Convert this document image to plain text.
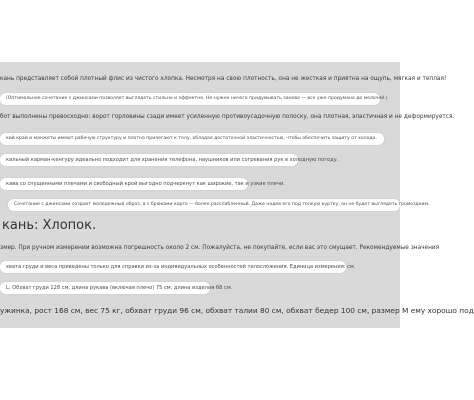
кань представляет собой плотный флис из чистого хлопка. Несмотря на свою плотность, она не жесткая и приятна на ощупь, мягкая и теплая!
(Оптимальное сочетание с джинсами позволяет выглядеть стильно и эффектно. Не нужно ничего придумывать заново — все уже продумано до мелочей.)
бот выполнены превосходно: ворот горловины сзади имеет усиленную противоусадочную полоску, она плотная, эластичная и не деформируется.
кий край и манжеты имеют рабочую структуру и плотно прилегают к телу, обладая достаточной эластичностью, чтобы обеспечить защиту от холода.
кальный карман-кенгуру идеально подходит для хранения телефона, наушников или согревания рук в холодную погоду.
кава со спущенными плечами и свободный крой выгодно подчеркнут как широкие, так и узкие плечи.
Сочетание с джинсами создает молодежный образ, а с брюками карго — более расслабленный. Даже надев его под тонкую куртку, он не будет выглядеть громоздким.
кань: Хлопок.
змер. При ручном измерении возможна погрешность около 2 см. Пожалуйста, не покупайте, если вас это смущает. Рекомендуемые значения
хвата груди и веса приведены только для справки из-за индивидуальных особенностей телосложения. Единица измерения: см.
L: Обхват груди 128 см, длина рукава (включая плечо) 75 см, длина изделия 68 см.
ужинка, рост 168 см, вес 75 кг, обхват груди 96 см, обхват талии 80 см, обхват бедер 100 см, размер М ему хорошо под
